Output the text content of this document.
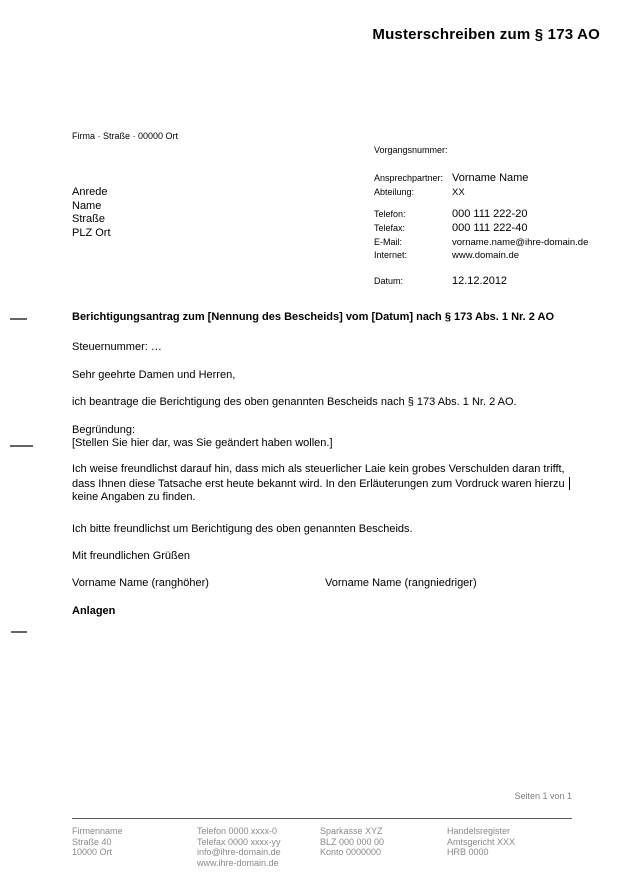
Musterschreiben zum § 173 AO
Firma · Straße · 00000 Ort
Anrede
Name
Straße
PLZ Ort
Vorgangsnummer:
Ansprechpartner: Vorname Name
Abteilung:	XX
Telefon:	000 111 222-20
Telefax:	000 111 222-40
E-Mail:	vorname.name@ihre-domain.de
Internet:	www.domain.de
Datum:	12.12.2012

Berichtigungsantrag zum [Nennung des Bescheids] vom [Datum] nach § 173 Abs. 1 Nr. 2 AO

Steuernummer: …

Sehr geehrte Damen und Herren,

ich beantrage die Berichtigung des oben genannten Bescheids nach § 173 Abs. 1 Nr. 2 AO.

Begründung:
[Stellen Sie hier dar, was Sie geändert haben wollen.]

Ich weise freundlichst darauf hin, dass mich als steuerlicher Laie kein grobes Verschulden daran trifft,
dass Ihnen diese Tatsache erst heute bekannt wird. In den Erläuterungen zum Vordruck waren hierzu
keine Angaben zu finden.

Ich bitte freundlichst um Berichtigung des oben genannten Bescheids.

Mit freundlichen Grüßen

Vorname Name (ranghöher)	Vorname Name (rangniedriger)
Anlagen
Seiten 1 von 1
Firmenname
Straße 40
10000 Ort
Telefon 0000 xxxx-0
Telefax 0000 xxxx-yy
info@ihre-domain.de
www.ihre-domain.de
Sparkasse XYZ
BLZ 000 000 00
Konto 0000000
Handelsregister
Amtsgericht XXX
HRB 0000
